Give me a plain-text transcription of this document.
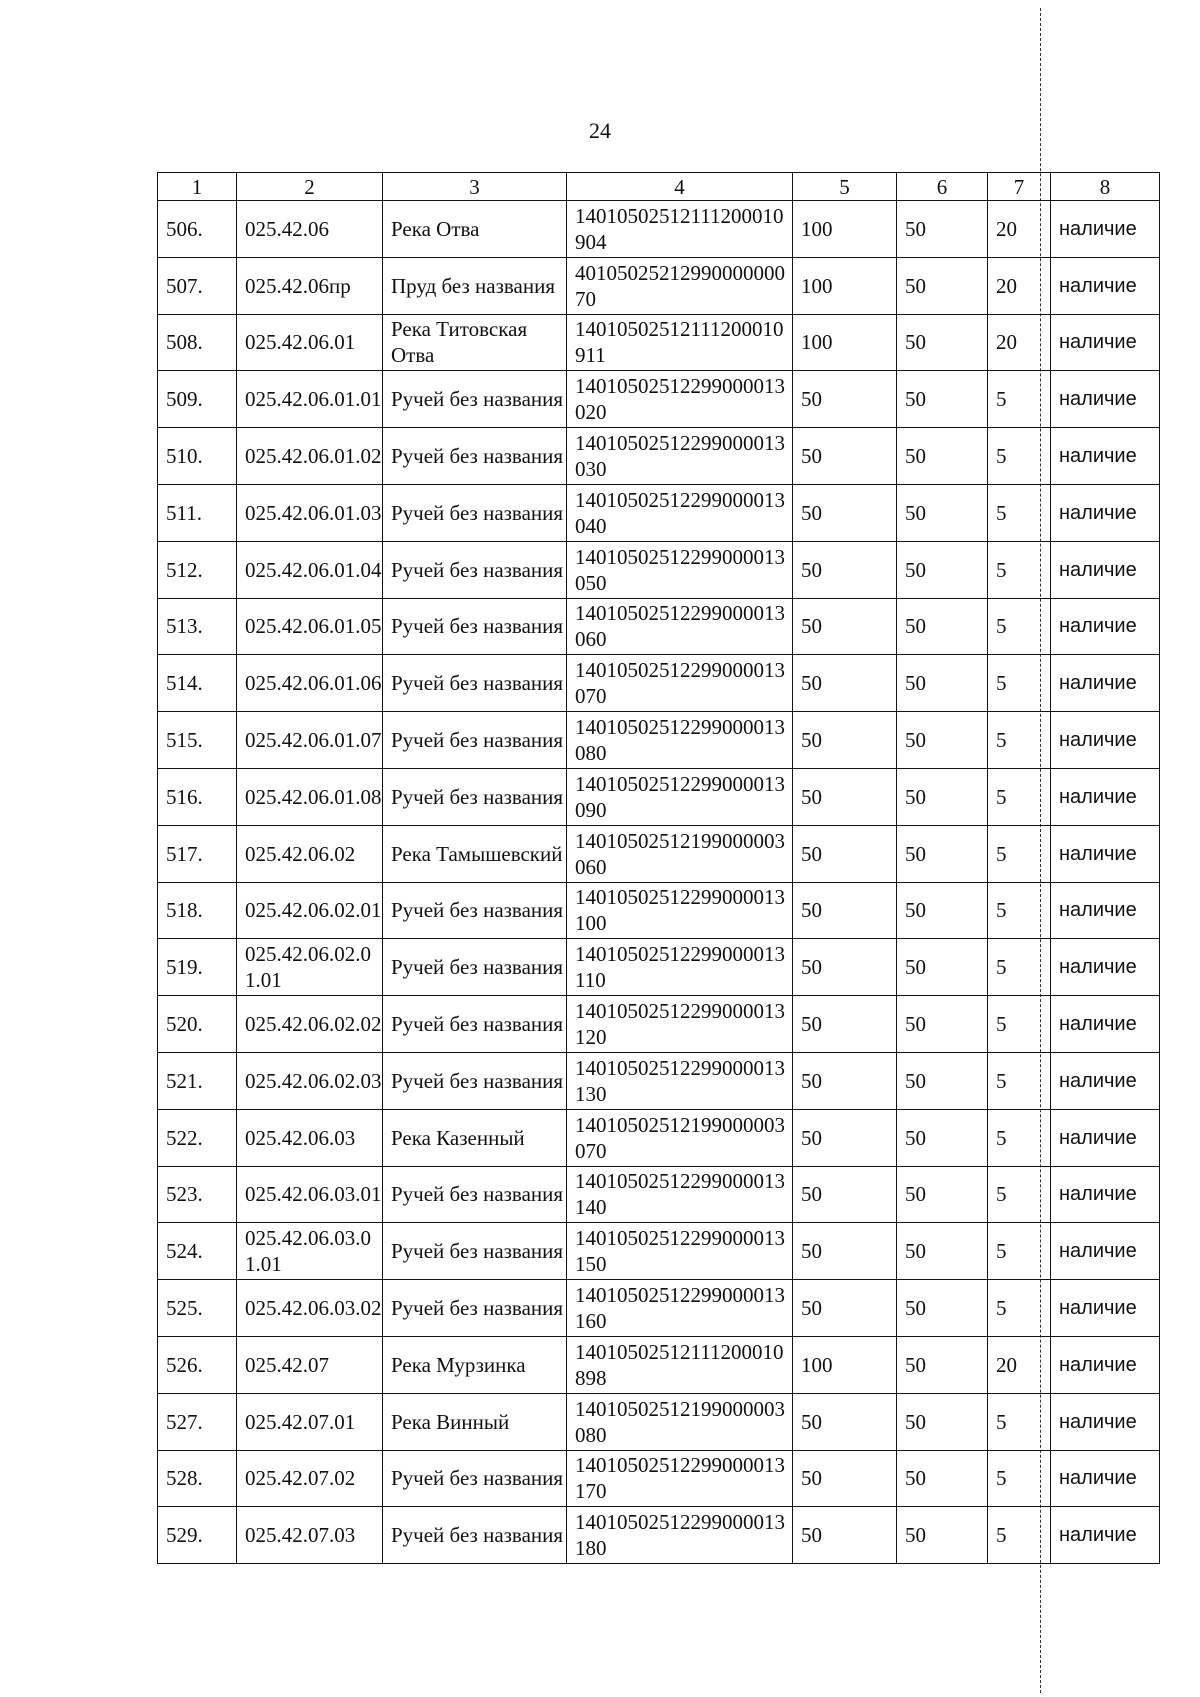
24
1	2	3	4	5	6	7	8
506.	025.42.06	Река Отва	14010502512111200010904	100	50	20	наличие
507.	025.42.06пр	Пруд без названия	4010502521299000000070	100	50	20	наличие
508.	025.42.06.01	Река Титовская Отва	14010502512111200010911	100	50	20	наличие
509.	025.42.06.01.01	Ручей без названия	14010502512299000013020	50	50	5	наличие
510.	025.42.06.01.02	Ручей без названия	14010502512299000013030	50	50	5	наличие
511.	025.42.06.01.03	Ручей без названия	14010502512299000013040	50	50	5	наличие
512.	025.42.06.01.04	Ручей без названия	14010502512299000013050	50	50	5	наличие
513.	025.42.06.01.05	Ручей без названия	14010502512299000013060	50	50	5	наличие
514.	025.42.06.01.06	Ручей без названия	14010502512299000013070	50	50	5	наличие
515.	025.42.06.01.07	Ручей без названия	14010502512299000013080	50	50	5	наличие
516.	025.42.06.01.08	Ручей без названия	14010502512299000013090	50	50	5	наличие
517.	025.42.06.02	Река Тамышевский	14010502512199000003060	50	50	5	наличие
518.	025.42.06.02.01	Ручей без названия	14010502512299000013100	50	50	5	наличие
519.	025.42.06.02.01.01	Ручей без названия	14010502512299000013110	50	50	5	наличие
520.	025.42.06.02.02	Ручей без названия	14010502512299000013120	50	50	5	наличие
521.	025.42.06.02.03	Ручей без названия	14010502512299000013130	50	50	5	наличие
522.	025.42.06.03	Река Казенный	14010502512199000003070	50	50	5	наличие
523.	025.42.06.03.01	Ручей без названия	14010502512299000013140	50	50	5	наличие
524.	025.42.06.03.01.01	Ручей без названия	14010502512299000013150	50	50	5	наличие
525.	025.42.06.03.02	Ручей без названия	14010502512299000013160	50	50	5	наличие
526.	025.42.07	Река Мурзинка	14010502512111200010898	100	50	20	наличие
527.	025.42.07.01	Река Винный	14010502512199000003080	50	50	5	наличие
528.	025.42.07.02	Ручей без названия	14010502512299000013170	50	50	5	наличие
529.	025.42.07.03	Ручей без названия	14010502512299000013180	50	50	5	наличие
